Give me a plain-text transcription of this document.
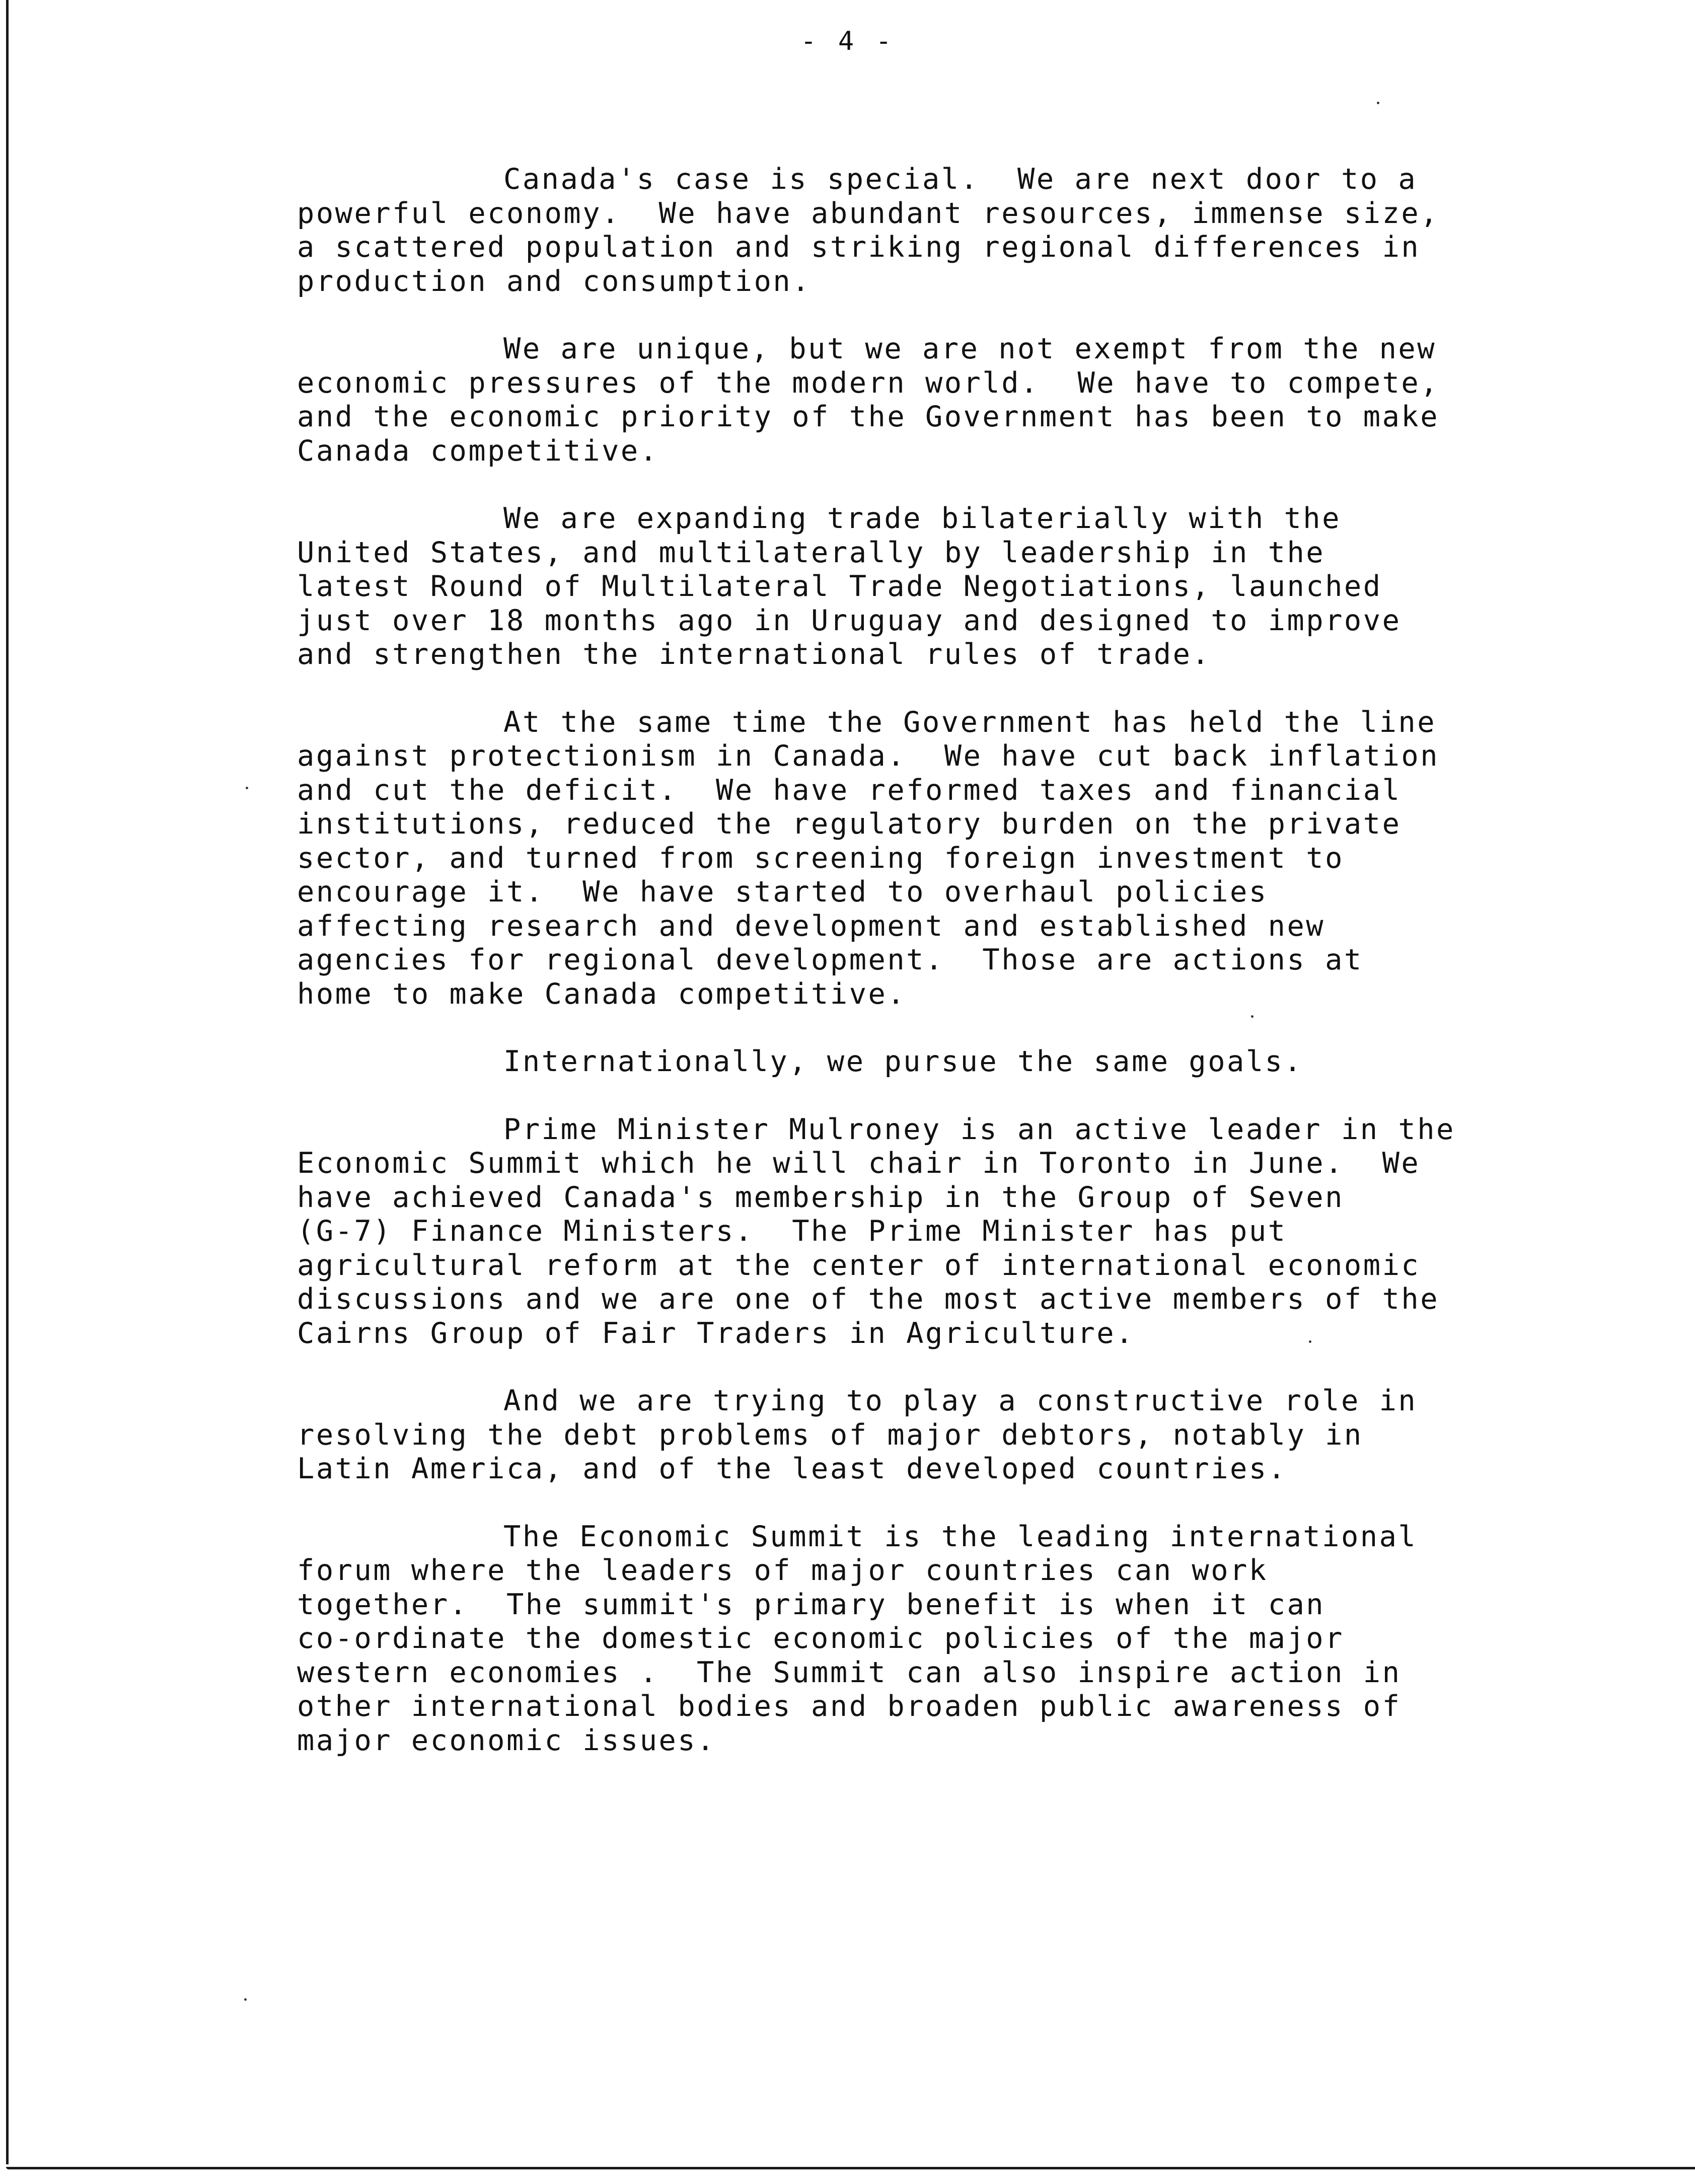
- 4 -

Canada's case is special.  We are next door to a
powerful economy.  We have abundant resources, immense size,
a scattered population and striking regional differences in
production and consumption.

We are unique, but we are not exempt from the new
economic pressures of the modern world.  We have to compete,
and the economic priority of the Government has been to make
Canada competitive.

We are expanding trade bilaterially with the
United States, and multilaterally by leadership in the
latest Round of Multilateral Trade Negotiations, launched
just over 18 months ago in Uruguay and designed to improve
and strengthen the international rules of trade.

At the same time the Government has held the line
against protectionism in Canada.  We have cut back inflation
and cut the deficit.  We have reformed taxes and financial
institutions, reduced the regulatory burden on the private
sector, and turned from screening foreign investment to
encourage it.  We have started to overhaul policies
affecting research and development and established new
agencies for regional development.  Those are actions at
home to make Canada competitive.

Internationally, we pursue the same goals.

Prime Minister Mulroney is an active leader in the
Economic Summit which he will chair in Toronto in June.  We
have achieved Canada's membership in the Group of Seven
(G-7) Finance Ministers.  The Prime Minister has put
agricultural reform at the center of international economic
discussions and we are one of the most active members of the
Cairns Group of Fair Traders in Agriculture.

And we are trying to play a constructive role in
resolving the debt problems of major debtors, notably in
Latin America, and of the least developed countries.

The Economic Summit is the leading international
forum where the leaders of major countries can work
together.  The summit's primary benefit is when it can
co-ordinate the domestic economic policies of the major
western economies .  The Summit can also inspire action in
other international bodies and broaden public awareness of
major economic issues.
